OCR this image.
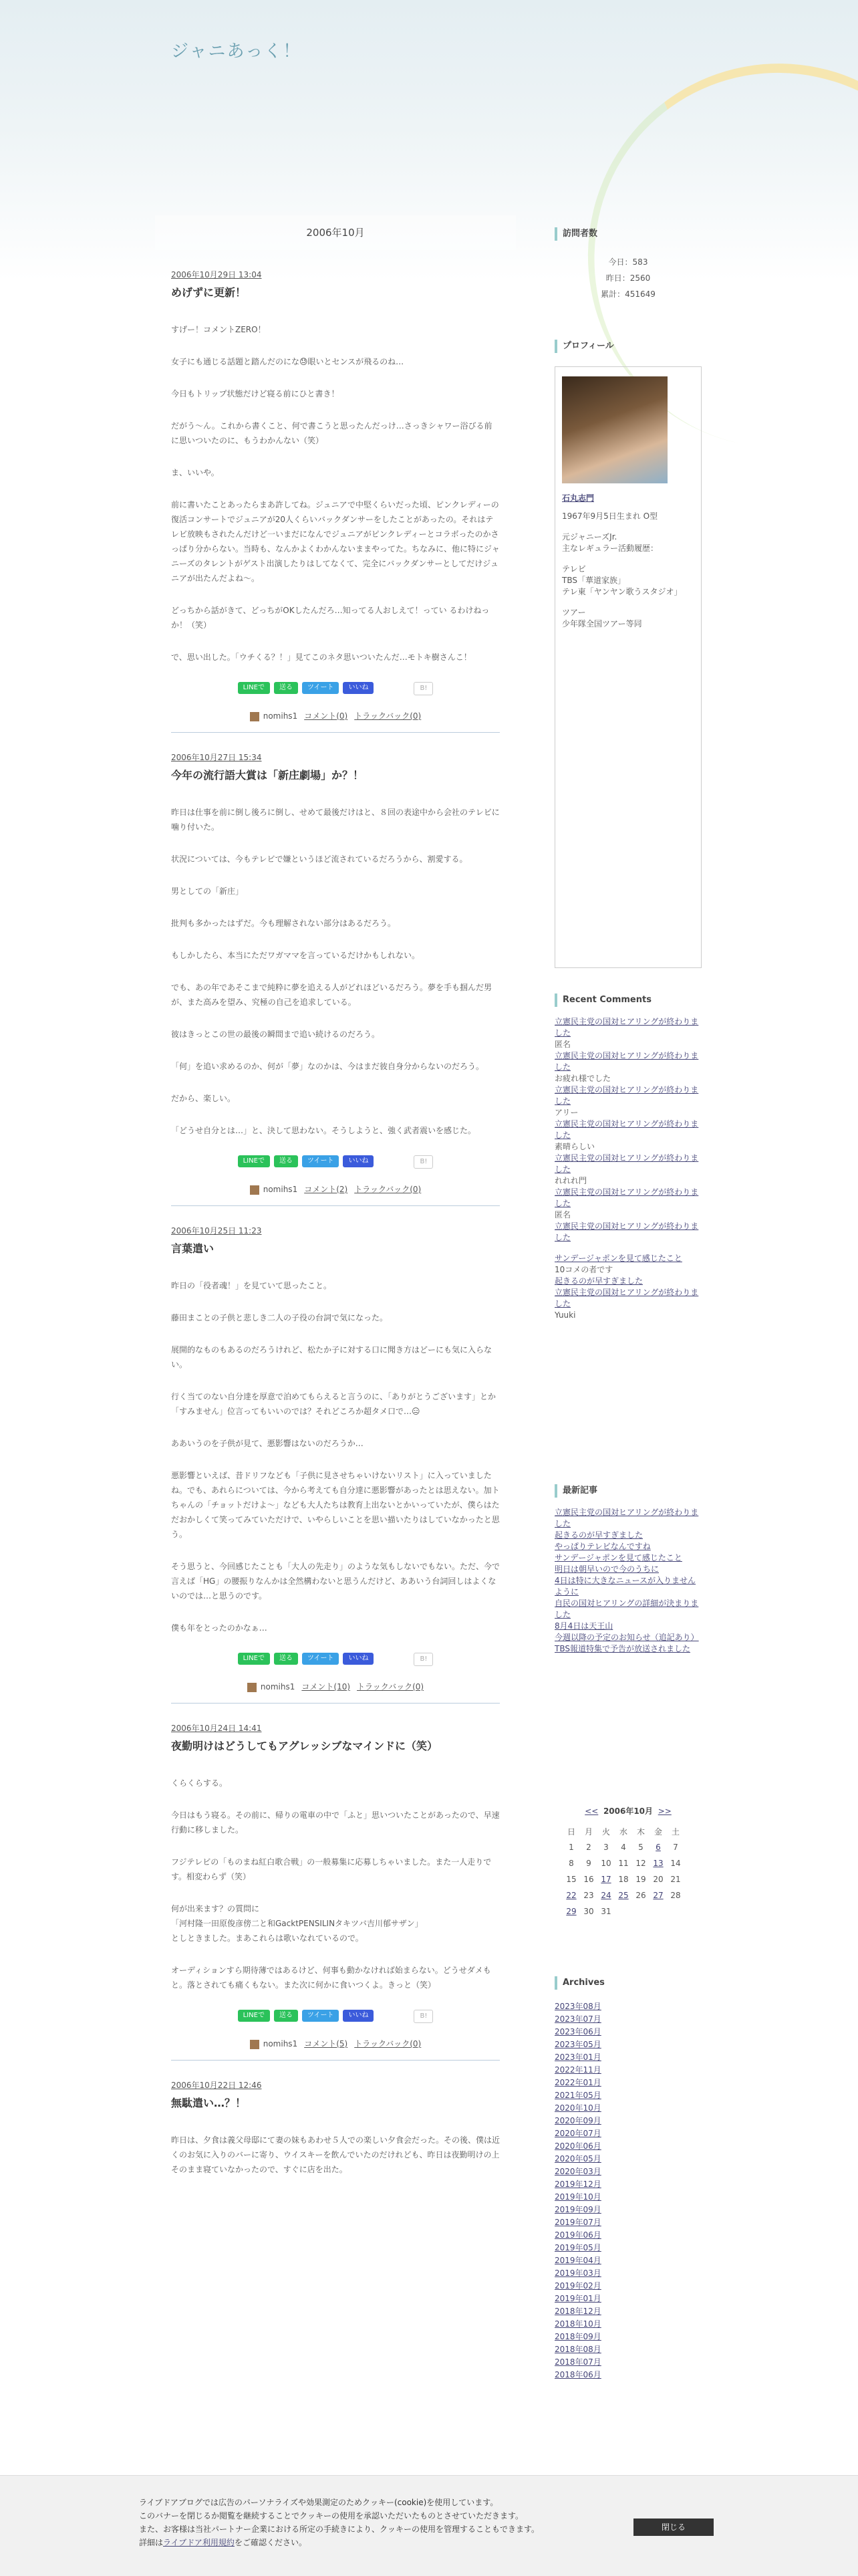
ジャニあっく！
2006年10月
2006年10月29日 13:04
めげずに更新！

すげー！コメントZERO！

女子にも通じる話題と踏んだのにな😓眼いとセンスが飛るのね…

今日もトリップ状態だけど寝る前にひと書き！

だがう〜ん。これから書くこと、何で書こうと思ったんだっけ…さっきシャワー浴びる前に思いついたのに、もうわかんない（笑）

ま、いいや。

前に書いたことあったらまあ許してね。ジュニアで中堅くらいだった頃、ピンクレディーの復活コンサートでジュニアが20人くらいバックダンサーをしたことがあったの。それはテレビ放映もされたんだけど一いまだになんでジュニアがピンクレディーとコラボったのかさっぱり分からない。当時も、なんかよくわかんないままやってた。ちなみに、他に特にジャニーズのタレントがゲスト出演したりはしてなくて、完全にバックダンサーとしてだけジュニアが出たんだよね〜。

どっちから話がきて、どっちがOKしたんだろ…知ってる人おしえて！ってい るわけねっか！（笑）

で、思い出した。「ウチくる？！」見てこのネタ思いついたんだ…モトキ樹さんこ！

LINEで	送る	ツイート	いいね	B!
nomihs1 コメント(0) トラックバック(0)
2006年10月27日 15:34
今年の流行語大賞は「新庄劇場」か？！

昨日は仕事を前に倒し後ろに倒し、せめて最後だけはと、８回の表途中から会社のテレビに噛り付いた。

状況については、今もテレビで嫌というほど流されているだろうから、割愛する。

男としての「新庄」

批判も多かったはずだ。今も理解されない部分はあるだろう。

もしかしたら、本当にただワガママを言っているだけかもしれない。

でも、あの年であそこまで純粋に夢を追える人がどれほどいるだろう。夢を手も掴んだ男が、また高みを望み、究極の自己を追求している。

彼はきっとこの世の最後の瞬間まで追い続けるのだろう。

「何」を追い求めるのか、何が「夢」なのかは、今はまだ彼自身分からないのだろう。

だから、楽しい。

「どうせ自分とは…」と、決して思わない。そうしようと、強く武者震いを感じた。

LINEで	送る	ツイート	いいね	B!
nomihs1 コメント(2) トラックバック(0)
2006年10月25日 11:23
言葉遣い

昨日の「役者魂！」を見ていて思ったこと。

藤田まことの子供と悲しき二人の子役の台詞で気になった。

展開的なものもあるのだろうけれど、松たか子に対する口に聞き方はどーにも気に入らない。

行く当てのない自分達を厚意で泊めてもらえると言うのに、「ありがとうございます」とか「すみません」位言ってもいいのでは？それどころか超タメ口で…😑

ああいうのを子供が見て、悪影響はないのだろうか…

悪影響といえば、昔ドリフなども「子供に見させちゃいけないリスト」に入っていましたね。でも、あれらについては、今から考えても自分達に悪影響があったとは思えない。加トちゃんの「チョットだけよ〜」なども大人たちは教育上出ないとかいっていたが、僕らはただおかしくて笑ってみていただけで、いやらしいことを思い描いたりはしていなかったと思う。

そう思うと、今回感じたことも「大人の先走り」のような気もしないでもない。ただ、今で言えば「HG」の腰振りなんかは全然構わないと思うんだけど、ああいう台詞回しはよくないのでは…と思うのです。

僕も年をとったのかなぁ…

LINEで	送る	ツイート	いいね	B!
nomihs1 コメント(10) トラックバック(0)
2006年10月24日 14:41
夜勤明けはどうしてもアグレッシブなマインドに（笑）

くらくらする。

今日はもう寝る。その前に、帰りの電車の中で「ふと」思いついたことがあったので、早速行動に移しました。

フジテレビの「ものまね紅白歌合戦」の一般募集に応募しちゃいました。また一人走りです。相変わらず（笑）

何が出来ます？の質問に
「河村隆一田原俊彦傍二と和GacktPENSILINタキツバ吉川郁サザン」
としときました。まあこれらは歌いなれているので。

オーディションすら期待薄ではあるけど、何事も動かなければ始まらない。どうせダメもと。落とされても痛くもない。また次に何かに食いつくよ。きっと（笑）

LINEで	送る	ツイート	いいね	B!
nomihs1 コメント(5) トラックバック(0)
2006年10月22日 12:46
無駄遣い…？！

昨日は、夕食は義父母邸にて妻の妹もあわせ５人での楽しい夕食会だった。その後、僕は近くのお気に入りのバーに寄り、ウイスキーを飲んでいたのだけれども、昨日は夜勤明けの上そのまま寝ていなかったので、すぐに店を出た。

訪問者数
今日：583
昨日：2560
累計：451649
プロフィール
石丸志門
1967年9月5日生まれ O型
元ジャニーズJr.
主なレギュラー活動履歴：
テレビ
TBS「華道家族」
テレ東「ヤンヤン歌うスタジオ」
ツアー
少年隊全国ツアー等同
Recent Comments
立憲民主党の国対ヒアリングが終わりました
匿名
立憲民主党の国対ヒアリングが終わりました
お疲れ様でした
立憲民主党の国対ヒアリングが終わりました
アリー
立憲民主党の国対ヒアリングが終わりました
素晴らしい
立憲民主党の国対ヒアリングが終わりました
れれれ門
立憲民主党の国対ヒアリングが終わりました
匿名
立憲民主党の国対ヒアリングが終わりました
サンデージャポンを見て感じたこと
10コメの者です
起きるのが早すぎました
立憲民主党の国対ヒアリングが終わりました
Yuuki
最新記事
立憲民主党の国対ヒアリングが終わりました
起きるのが早すぎました
やっぱりテレビなんですね
サンデージャポンを見て感じたこと
明日は朝早いので今のうちに
4日は特に大きなニュースが入りませんように
自民の国対ヒアリングの詳細が決まりました
8月4日は天王山
今週以降の予定のお知らせ（追記あり）
TBS報道特集で予告が放送されました
<< 2006年10月 >>
日	月	火	水	木	金	土
1	2	3	4	5	6	7
8	9	10	11	12	13	14
15	16	17	18	19	20	21
22	23	24	25	26	27	28
29	30	31				
Archives
2023年08月
2023年07月
2023年06月
2023年05月
2023年01月
2022年11月
2022年01月
2021年05月
2020年10月
2020年09月
2020年07月
2020年06月
2020年05月
2020年03月
2019年12月
2019年10月
2019年09月
2019年07月
2019年06月
2019年05月
2019年04月
2019年03月
2019年02月
2019年01月
2018年12月
2018年10月
2018年09月
2018年08月
2018年07月
2018年06月

ライブドアブログでは広告のパーソナライズや効果測定のためクッキー(cookie)を使用しています。
このバナーを閉じるか閲覧を継続することでクッキーの使用を承認いただいたものとさせていただきます。
また、お客様は当社パートナー企業における所定の手続きにより、クッキーの使用を管理することもできます。
詳細はライブドア利用規約をご確認ください。

閉じる
